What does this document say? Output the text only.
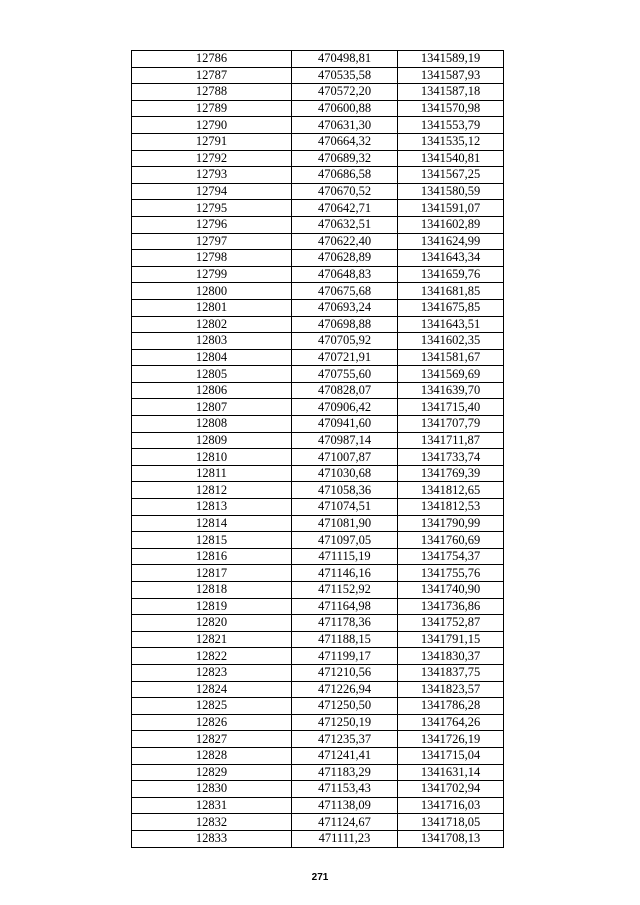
12786	470498,81	1341589,19
12787	470535,58	1341587,93
12788	470572,20	1341587,18
12789	470600,88	1341570,98
12790	470631,30	1341553,79
12791	470664,32	1341535,12
12792	470689,32	1341540,81
12793	470686,58	1341567,25
12794	470670,52	1341580,59
12795	470642,71	1341591,07
12796	470632,51	1341602,89
12797	470622,40	1341624,99
12798	470628,89	1341643,34
12799	470648,83	1341659,76
12800	470675,68	1341681,85
12801	470693,24	1341675,85
12802	470698,88	1341643,51
12803	470705,92	1341602,35
12804	470721,91	1341581,67
12805	470755,60	1341569,69
12806	470828,07	1341639,70
12807	470906,42	1341715,40
12808	470941,60	1341707,79
12809	470987,14	1341711,87
12810	471007,87	1341733,74
12811	471030,68	1341769,39
12812	471058,36	1341812,65
12813	471074,51	1341812,53
12814	471081,90	1341790,99
12815	471097,05	1341760,69
12816	471115,19	1341754,37
12817	471146,16	1341755,76
12818	471152,92	1341740,90
12819	471164,98	1341736,86
12820	471178,36	1341752,87
12821	471188,15	1341791,15
12822	471199,17	1341830,37
12823	471210,56	1341837,75
12824	471226,94	1341823,57
12825	471250,50	1341786,28
12826	471250,19	1341764,26
12827	471235,37	1341726,19
12828	471241,41	1341715,04
12829	471183,29	1341631,14
12830	471153,43	1341702,94
12831	471138,09	1341716,03
12832	471124,67	1341718,05
12833	471111,23	1341708,13
271
